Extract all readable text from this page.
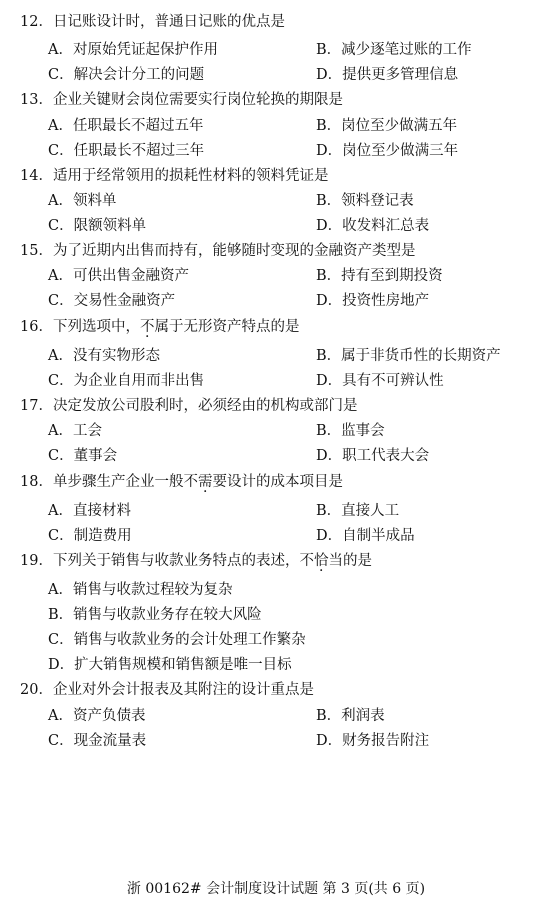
12．日记账设计时，普通日记账的优点是
A．对原始凭证起保护作用	B．减少逐笔过账的工作
C．解决会计分工的问题	D．提供更多管理信息
13．企业关键财会岗位需要实行岗位轮换的期限是
A．任职最长不超过五年	B．岗位至少做满五年
C．任职最长不超过三年	D．岗位至少做满三年
14．适用于经常领用的损耗性材料的领料凭证是
A．领料单	B．领料登记表
C．限额领料单	D．收发料汇总表
15．为了近期内出售而持有，能够随时变现的金融资产类型是
A．可供出售金融资产	B．持有至到期投资
C．交易性金融资产	D．投资性房地产
16．下列选项中，不属于无形资产特点的是
A．没有实物形态	B．属于非货币性的长期资产
C．为企业自用而非出售	D．具有不可辨认性
17．决定发放公司股利时，必须经由的机构或部门是
A．工会	B．监事会
C．董事会	D．职工代表大会
18．单步骤生产企业一般不需要设计的成本项目是
A．直接材料	B．直接人工
C．制造费用	D．自制半成品
19．下列关于销售与收款业务特点的表述，不恰当的是
A．销售与收款过程较为复杂
B．销售与收款业务存在较大风险
C．销售与收款业务的会计处理工作繁杂
D．扩大销售规模和销售额是唯一目标
20．企业对外会计报表及其附注的设计重点是
A．资产负债表	B．利润表
C．现金流量表	D．财务报告附注
浙 00162# 会计制度设计试题 第 3 页(共 6 页)
